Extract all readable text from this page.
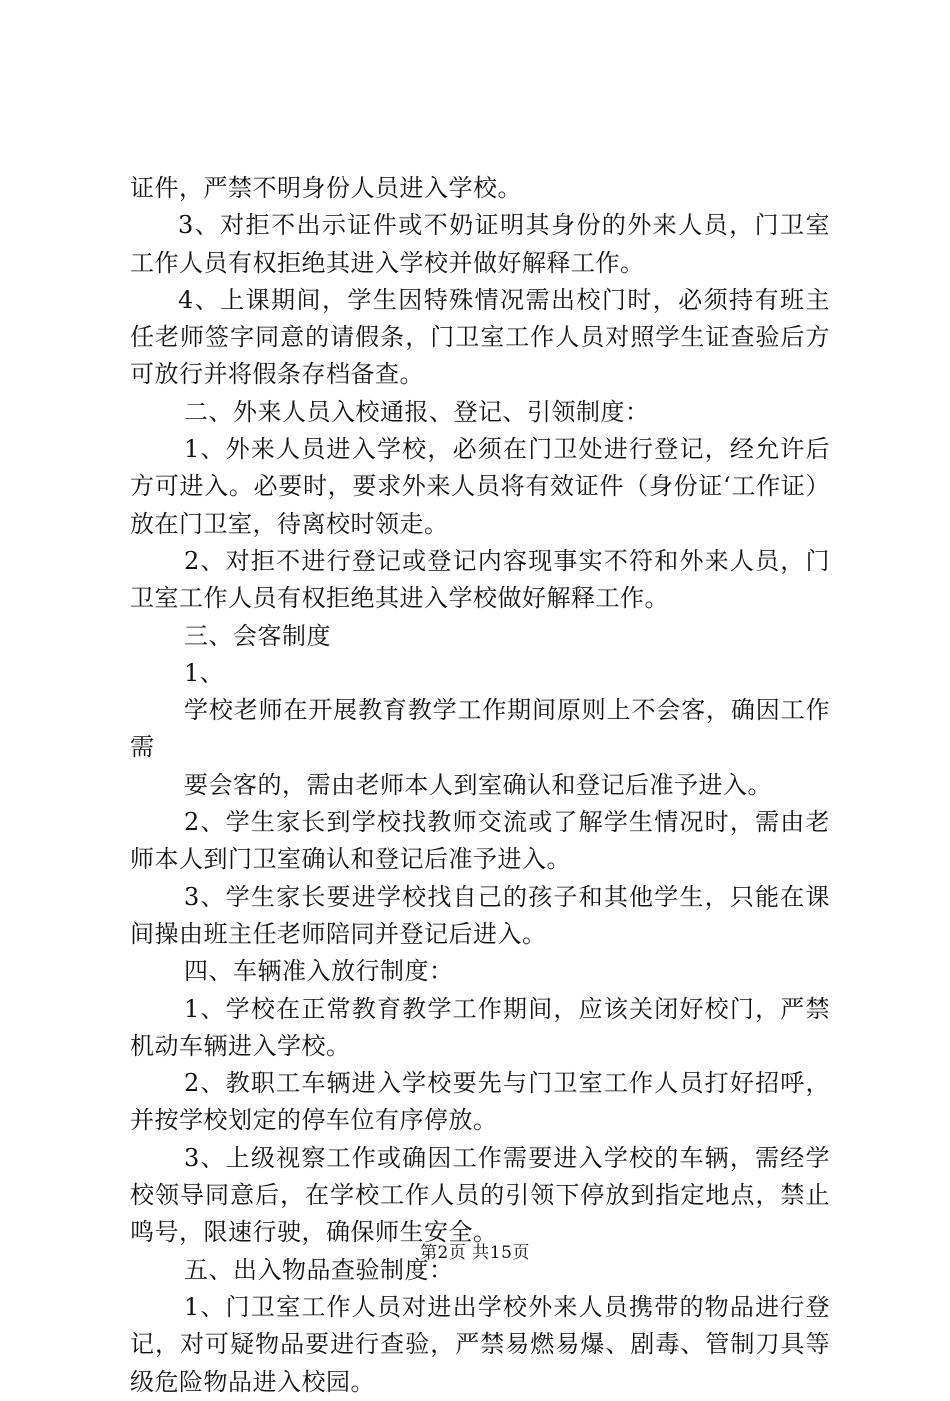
证件，严禁不明身份人员进入学校。

3、对拒不出示证件或不奶证明其身份的外来人员，门卫室工作人员有权拒绝其进入学校并做好解释工作。

4、上课期间，学生因特殊情况需出校门时，必须持有班主任老师签字同意的请假条，门卫室工作人员对照学生证查验后方可放行并将假条存档备查。

二、外来人员入校通报、登记、引领制度：

1、外来人员进入学校，必须在门卫处进行登记，经允许后方可进入。必要时，要求外来人员将有效证件（身份证‘工作证）放在门卫室，待离校时领走。

2、对拒不进行登记或登记内容现事实不符和外来人员，门卫室工作人员有权拒绝其进入学校做好解释工作。

三、会客制度

1、

学校老师在开展教育教学工作期间原则上不会客，确因工作需

要会客的，需由老师本人到室确认和登记后准予进入。

2、学生家长到学校找教师交流或了解学生情况时，需由老师本人到门卫室确认和登记后准予进入。

3、学生家长要进学校找自己的孩子和其他学生，只能在课间操由班主任老师陪同并登记后进入。

四、车辆准入放行制度：

1、学校在正常教育教学工作期间，应该关闭好校门，严禁机动车辆进入学校。

2、教职工车辆进入学校要先与门卫室工作人员打好招呼，并按学校划定的停车位有序停放。

3、上级视察工作或确因工作需要进入学校的车辆，需经学校领导同意后，在学校工作人员的引领下停放到指定地点，禁止鸣号，限速行驶，确保师生安全。

五、出入物品查验制度：

1、门卫室工作人员对进出学校外来人员携带的物品进行登记，对可疑物品要进行查验，严禁易燃易爆、剧毒、管制刀具等级危险物品进入校园。

第2页 共15页
